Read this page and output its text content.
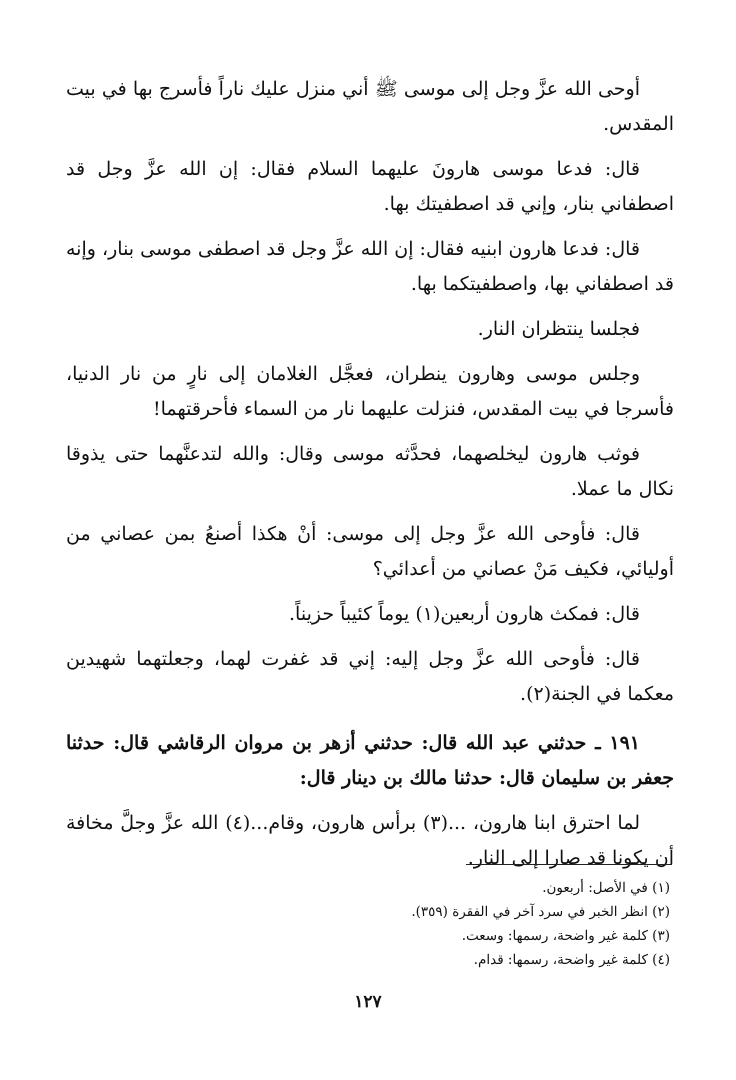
أوحى الله عزَّ وجل إلى موسى ﷺ أني منزل عليك ناراً فأسرج بها في بيت المقدس.

قال: فدعا موسى هارونَ عليهما السلام فقال: إن الله عزَّ وجل قد اصطفاني بنار، وإني قد اصطفيتك بها.

قال: فدعا هارون ابنيه فقال: إن الله عزَّ وجل قد اصطفى موسى بنار، وإنه قد اصطفاني بها، واصطفيتكما بها.

فجلسا ينتظران النار.

وجلس موسى وهارون ينطران، فعجَّل الغلامان إلى نارٍ من نار الدنيا، فأسرجا في بيت المقدس، فنزلت عليهما نار من السماء فأحرقتهما!

فوثب هارون ليخلصهما، فحدَّثه موسى وقال: والله لتدعنَّهما حتى يذوقا نكال ما عملا.

قال: فأوحى الله عزَّ وجل إلى موسى: أنْ هكذا أصنعُ بمن عصاني من أوليائي، فكيف مَنْ عصاني من أعدائي؟

قال: فمكث هارون أربعين(١) يوماً كئيباً حزيناً.

قال: فأوحى الله عزَّ وجل إليه: إني قد غفرت لهما، وجعلتهما شهيدين معكما في الجنة(٢).

١٩١ ـ حدثني عبد الله قال: حدثني أزهر بن مروان الرقاشي قال: حدثنا جعفر بن سليمان قال: حدثنا مالك بن دينار قال:

لما احترق ابنا هارون، ...(٣) برأس هارون، وقام...(٤) الله عزَّ وجلَّ مخافة أن يكونا قد صارا إلى النار.

(١) في الأصل: أربعون.

(٢) انظر الخبر في سرد آخر في الفقرة (٣٥٩).

(٣) كلمة غير واضحة، رسمها: وسعت.

(٤) كلمة غير واضحة، رسمها: قدام.

١٢٧
